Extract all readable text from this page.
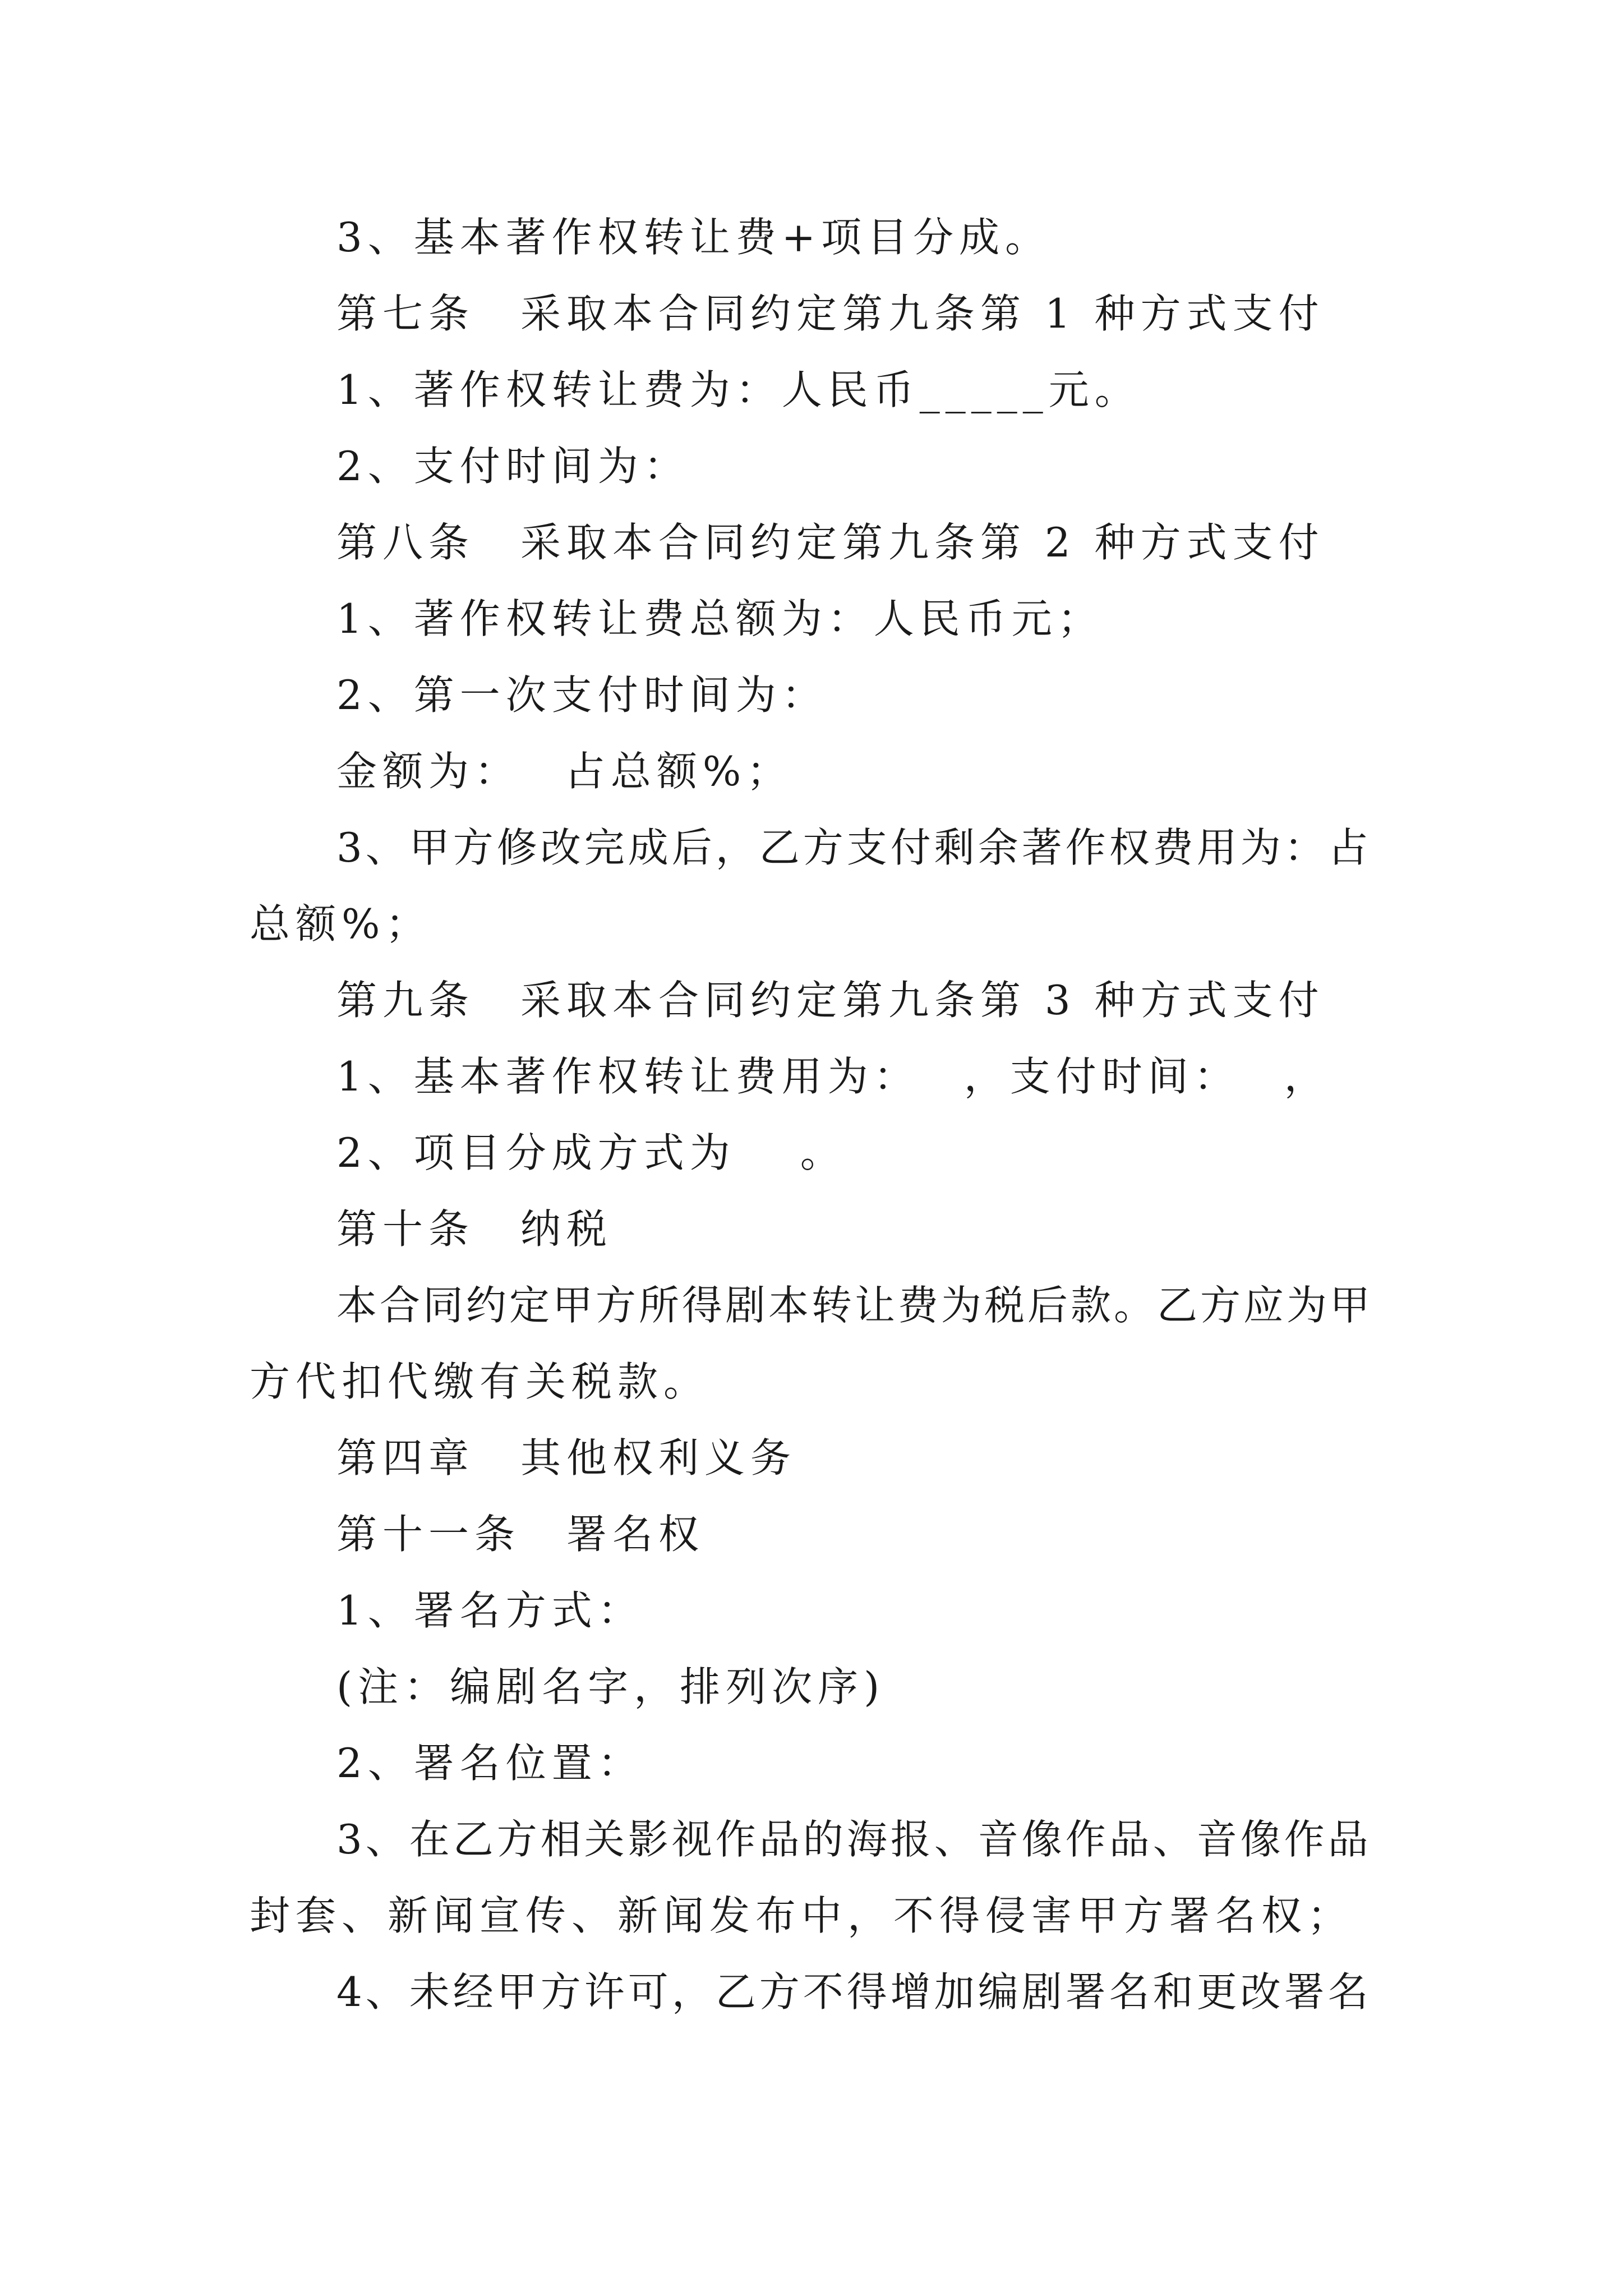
3、基本著作权转让费+项目分成。
第七条　采取本合同约定第九条第 1 种方式支付
1、著作权转让费为：人民币_____元。
2、支付时间为：
第八条　采取本合同约定第九条第 2 种方式支付
1、著作权转让费总额为：人民币元；
2、第一次支付时间为：
金额为：　 占总额%；
3、甲方修改完成后，乙方支付剩余著作权费用为：占
总额%；
第九条　采取本合同约定第九条第 3 种方式支付
1、基本著作权转让费用为：　 ，支付时间：　 ，
2、项目分成方式为　 。
第十条　纳税
本合同约定甲方所得剧本转让费为税后款。乙方应为甲
方代扣代缴有关税款。
第四章　其他权利义务
第十一条　署名权
1、署名方式：
(注：编剧名字，排列次序)
2、署名位置：
3、在乙方相关影视作品的海报、音像作品、音像作品
封套、新闻宣传、新闻发布中，不得侵害甲方署名权；
4、未经甲方许可，乙方不得增加编剧署名和更改署名
